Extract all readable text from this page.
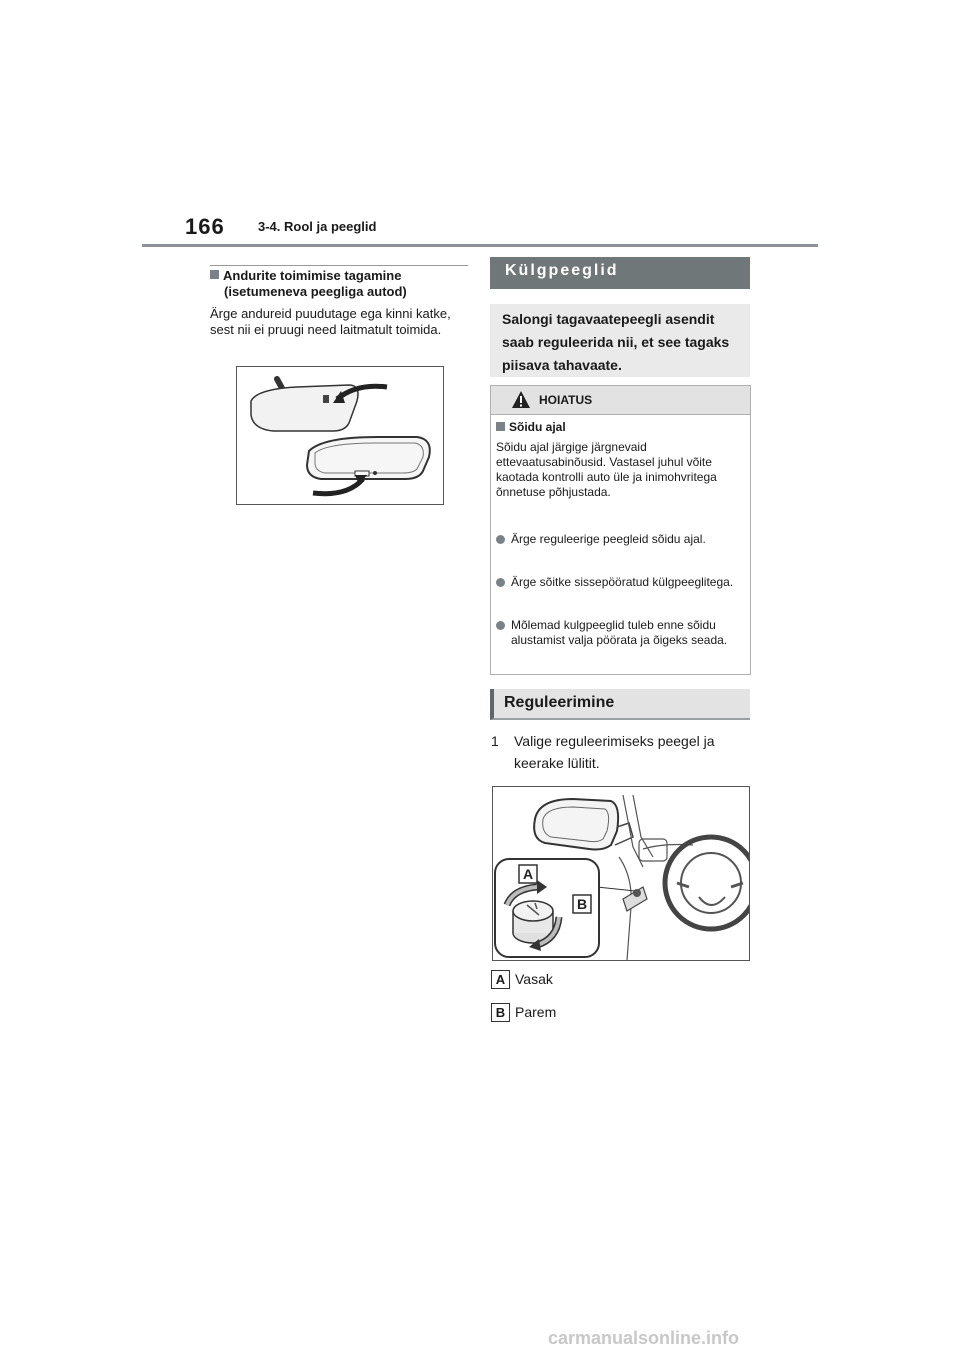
166	3-4. Rool ja peeglid
Andurite toimimise tagamine
(isetumeneva peegliga autod)
Ärge andureid puudutage ega kinni katke, sest nii ei pruugi need laitmatult toimida.
Külgpeeglid

Salongi tagavaatepeegli asendit saab reguleerida nii, et see tagaks piisava tahavaate.

HOIATUS
Sõidu ajal
Sõidu ajal järgige järgnevaid ettevaatusabinõusid. Vastasel juhul võite kaotada kontrolli auto üle ja inimohvritega õnnetuse põhjustada.
Ärge reguleerige peegleid sõidu ajal.
Ärge sõitke sissepööratud külgpeeglitega.
Mõlemad kulgpeeglid tuleb enne sõidu alustamist valja pöörata ja õigeks seada.
Reguleerimine
1	Valige reguleerimiseks peegel ja keerake lülitit.
A
B
A Vasak
B Parem
carmanualsonline.info
